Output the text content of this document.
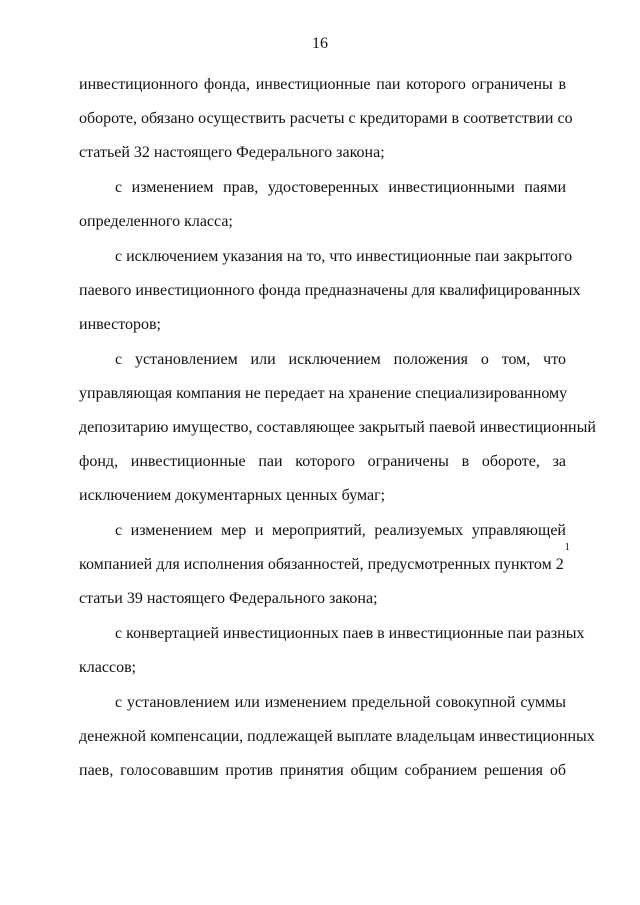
16

инвестиционного фонда, инвестиционные паи которого ограничены в
обороте, обязано осуществить расчеты с кредиторами в соответствии со
статьей 32 настоящего Федерального закона;

с изменением прав, удостоверенных инвестиционными паями
определенного класса;

с исключением указания на то, что инвестиционные паи закрытого
паевого инвестиционного фонда предназначены для квалифицированных
инвесторов;

с установлением или исключением положения о том, что
управляющая компания не передает на хранение специализированному
депозитарию имущество, составляющее закрытый паевой инвестиционный
фонд, инвестиционные паи которого ограничены в обороте, за
исключением документарных ценных бумаг;

с изменением мер и мероприятий, реализуемых управляющей
компанией для исполнения обязанностей, предусмотренных пунктом 2
1
статьи 39 настоящего Федерального закона;

с конвертацией инвестиционных паев в инвестиционные паи разных
классов;

с установлением или изменением предельной совокупной суммы
денежной компенсации, подлежащей выплате владельцам инвестиционных
паев, голосовавшим против принятия общим собранием решения об
